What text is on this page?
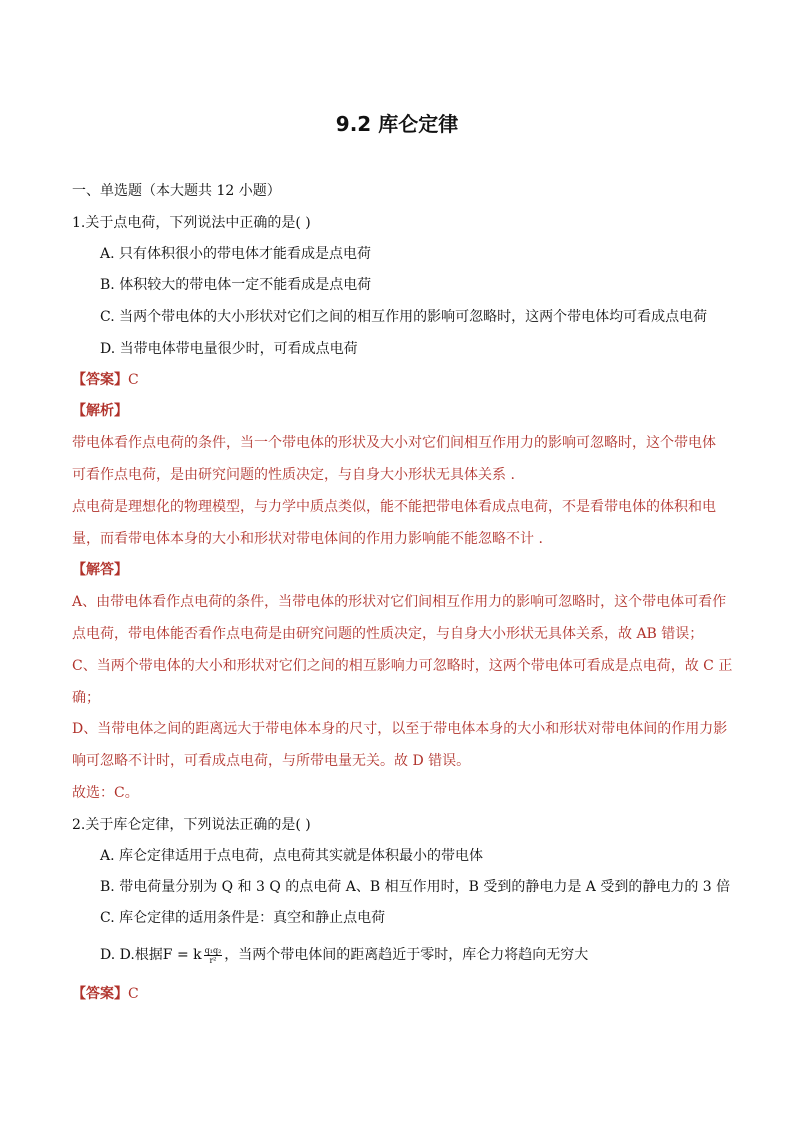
9.2 库仑定律
一、单选题（本大题共 12 小题）
1.关于点电荷，下列说法中正确的是( )
A. 只有体积很小的带电体才能看成是点电荷
B. 体积较大的带电体一定不能看成是点电荷
C. 当两个带电体的大小形状对它们之间的相互作用的影响可忽略时，这两个带电体均可看成点电荷
D. 当带电体带电量很少时，可看成点电荷
【答案】C
【解析】
带电体看作点电荷的条件，当一个带电体的形状及大小对它们间相互作用力的影响可忽略时，这个带电体
可看作点电荷，是由研究问题的性质决定，与自身大小形状无具体关系 .
点电荷是理想化的物理模型，与力学中质点类似，能不能把带电体看成点电荷，不是看带电体的体积和电
量，而看带电体本身的大小和形状对带电体间的作用力影响能不能忽略不计 .
【解答】
A、由带电体看作点电荷的条件，当带电体的形状对它们间相互作用力的影响可忽略时，这个带电体可看作
点电荷，带电体能否看作点电荷是由研究问题的性质决定，与自身大小形状无具体关系，故 AB 错误；
C、当两个带电体的大小和形状对它们之间的相互影响力可忽略时，这两个带电体可看成是点电荷，故 C 正
确；
D、当带电体之间的距离远大于带电体本身的尺寸，以至于带电体本身的大小和形状对带电体间的作用力影
响可忽略不计时，可看成点电荷，与所带电量无关。故 D 错误。
故选：C。
2.关于库仑定律，下列说法正确的是( )
A. 库仑定律适用于点电荷，点电荷其实就是体积最小的带电体
B. 带电荷量分别为 Q 和 3 Q 的点电荷 A、B 相互作用时，B 受到的静电力是 A 受到的静电力的 3 倍
C. 库仑定律的适用条件是：真空和静止点电荷
D. D.根据F = k $\frac{\text{q₁q₂}}{\text{r²}}$ ，当两个带电体间的距离趋近于零时，库仑力将趋向无穷大
【答案】C
